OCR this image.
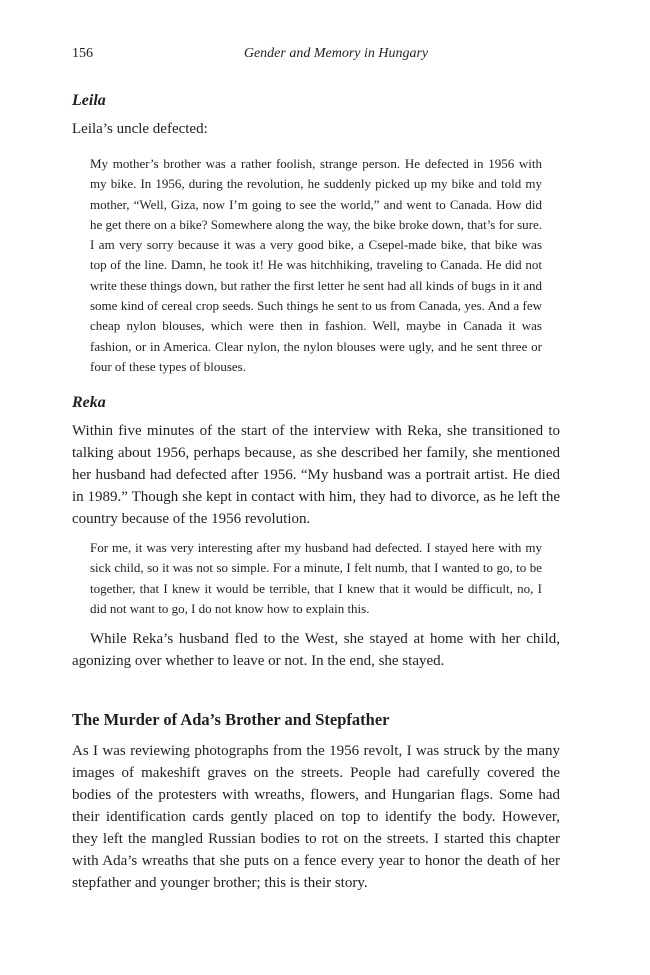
156	Gender and Memory in Hungary
Leila

Leila’s uncle defected:

My mother’s brother was a rather foolish, strange person. He defected in 1956 with my bike. In 1956, during the revolution, he suddenly picked up my bike and told my mother, “Well, Giza, now I’m going to see the world,” and went to Canada. How did he get there on a bike? Somewhere along the way, the bike broke down, that’s for sure. I am very sorry because it was a very good bike, a Csepel-made bike, that bike was top of the line. Damn, he took it! He was hitchhiking, traveling to Canada. He did not write these things down, but rather the first letter he sent had all kinds of bugs in it and some kind of cereal crop seeds. Such things he sent to us from Canada, yes. And a few cheap nylon blouses, which were then in fashion. Well, maybe in Canada it was fashion, or in America. Clear nylon, the nylon blouses were ugly, and he sent three or four of these types of blouses.

Reka

Within five minutes of the start of the interview with Reka, she transitioned to talking about 1956, perhaps because, as she described her family, she mentioned her husband had defected after 1956. “My husband was a portrait artist. He died in 1989.” Though she kept in contact with him, they had to divorce, as he left the country because of the 1956 revolution.

For me, it was very interesting after my husband had defected. I stayed here with my sick child, so it was not so simple. For a minute, I felt numb, that I wanted to go, to be together, that I knew it would be terrible, that I knew that it would be difficult, no, I did not want to go, I do not know how to explain this.

While Reka’s husband fled to the West, she stayed at home with her child, agonizing over whether to leave or not. In the end, she stayed.

The Murder of Ada’s Brother and Stepfather

As I was reviewing photographs from the 1956 revolt, I was struck by the many images of makeshift graves on the streets. People had carefully covered the bodies of the protesters with wreaths, flowers, and Hungarian flags. Some had their identification cards gently placed on top to identify the body. However, they left the mangled Russian bodies to rot on the streets. I started this chapter with Ada’s wreaths that she puts on a fence every year to honor the death of her stepfather and younger brother; this is their story.
